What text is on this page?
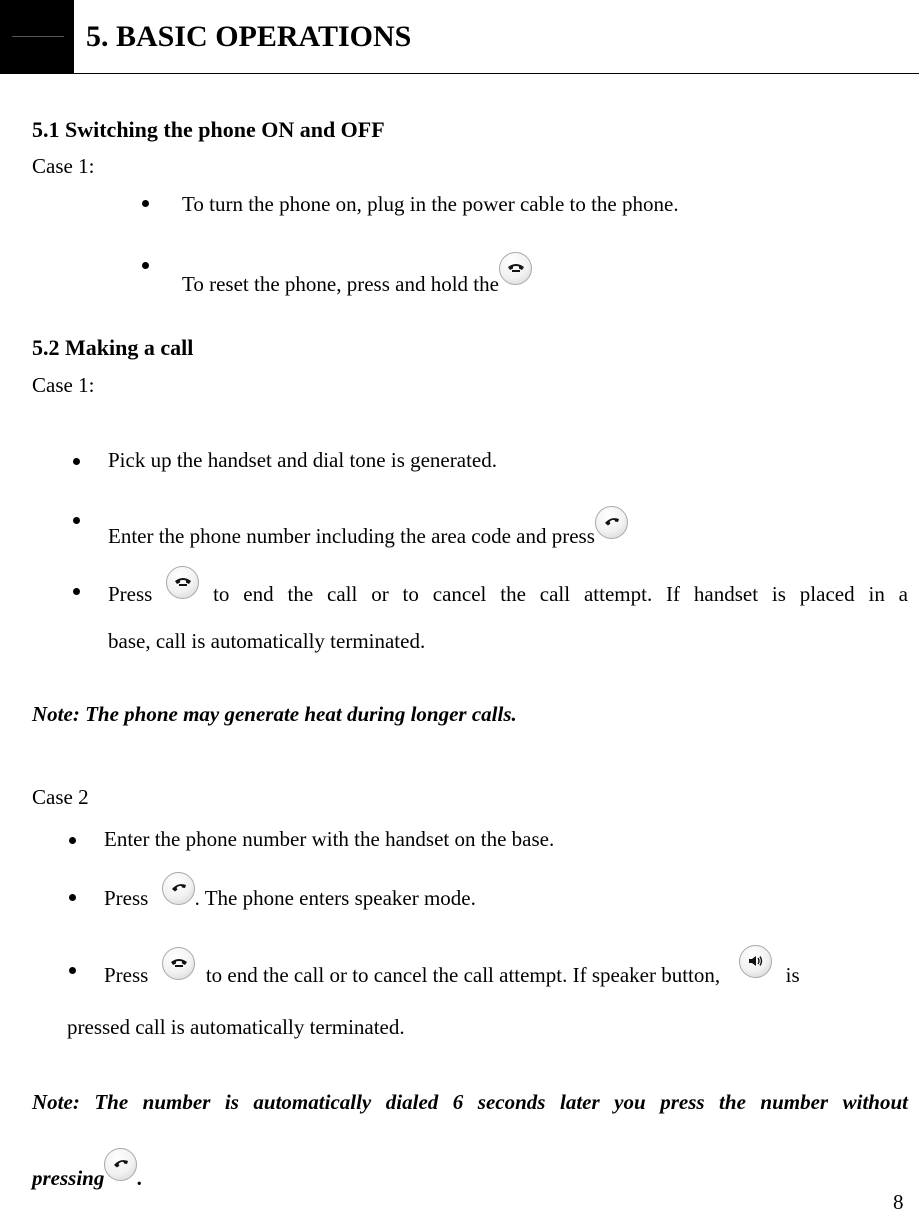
5. BASIC OPERATIONS
5.1 Switching the phone ON and OFF
Case 1:
To turn the phone on, plug in the power cable to the phone.
To reset the phone, press and hold the
5.2 Making a call
Case 1:
Pick up the handset and dial tone is generated.
Enter the phone number including the area code and press
Press	to end the call or to cancel the call attempt. If handset is placed in a
base, call is automatically terminated.
Note: The phone may generate heat during longer calls.
Case 2
Enter the phone number with the handset on the base.
Press . The phone enters speaker mode.
Press	to end the call or to cancel the call attempt. If speaker button,	is
pressed call is automatically terminated.
Note: The number is automatically dialed 6 seconds later you press the number without
pressing .
8
